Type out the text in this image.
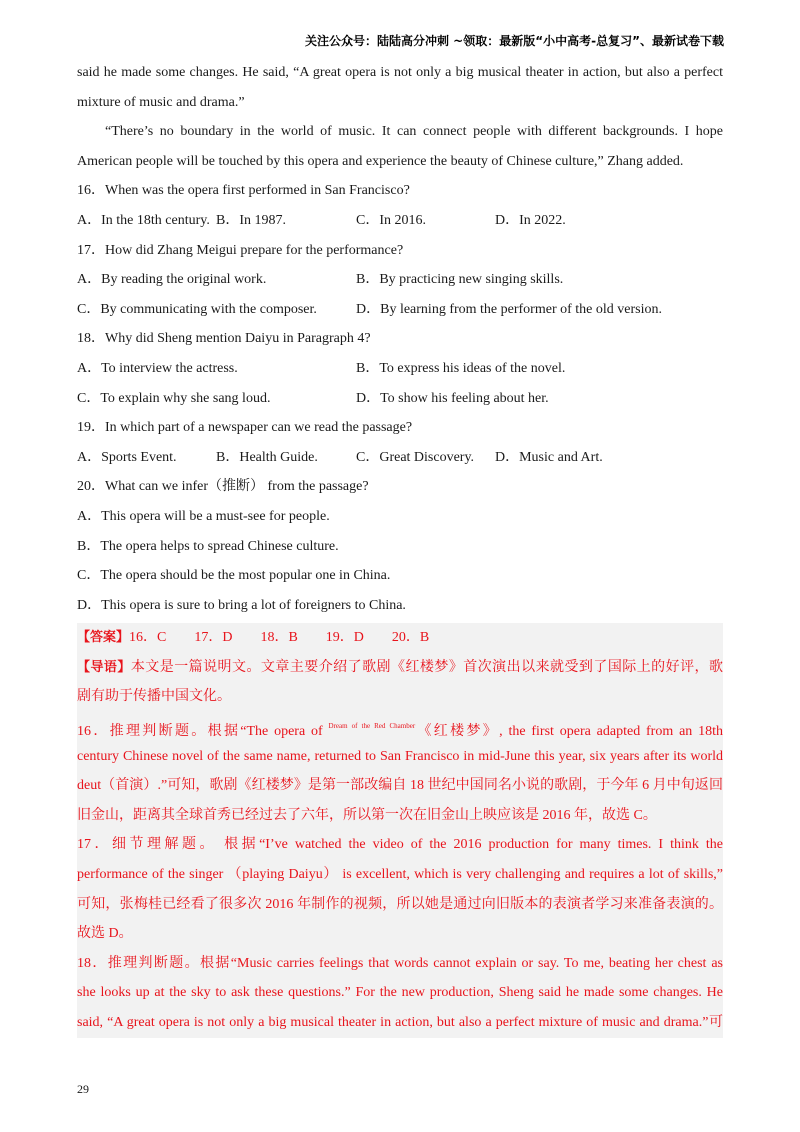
关注公众号：陆陆高分冲刺 ~领取：最新版“小中高考-总复习”、最新试卷下载
said he made some changes. He said, “A great opera is not only a big musical theater in action, but also a perfect
mixture of music and drama.”
“There’s no boundary in the world of music. It can connect people with different backgrounds. I hope
American people will be touched by this opera and experience the beauty of Chinese culture,” Zhang added.
16．When was the opera first performed in San Francisco?
A．In the 18th century. B．In 1987.	C．In 2016.	D．In 2022.
17．How did Zhang Meigui prepare for the performance?
A．By reading the original work.	B．By practicing new singing skills.
C．By communicating with the composer.	D．By learning from the performer of the old version.
18．Why did Sheng mention Daiyu in Paragraph 4?
A．To interview the actress.	B．To express his ideas of the novel.
C．To explain why she sang loud.	D．To show his feeling about her.
19．In which part of a newspaper can we read the passage?
A．Sports Event.	B．Health Guide.	C．Great Discovery.	D．Music and Art.
20．What can we infer（推断） from the passage?
A．This opera will be a must-see for people.
B．The opera helps to spread Chinese culture.
C．The opera should be the most popular one in China.
D．This opera is sure to bring a lot of foreigners to China.
【答案】16．C　　17．D　　18．B　　19．D　　20．B
【导语】本文是一篇说明文。文章主要介绍了歌剧《红楼梦》首次演出以来就受到了国际上的好评，歌
剧有助于传播中国文化。
16．推理判断题。根据“The opera of $^{Dream of the Red Chamber}$《红楼梦》, the first opera adapted from an 18th
century Chinese novel of the same name, returned to San Francisco in mid-June this year, six years after its world
deut（首演）.”可知，歌剧《红楼梦》是第一部改编自 18 世纪中国同名小说的歌剧，于今年 6 月中旬返回
旧金山，距离其全球首秀已经过去了六年，所以第一次在旧金山上映应该是 2016 年，故选 C。
17．细节理解题。 根据“I’ve watched the video of the 2016 production for many times. I think the
performance of the singer （playing Daiyu） is excellent, which is very challenging and requires a lot of skills,”
可知，张梅桂已经看了很多次 2016 年制作的视频，所以她是通过向旧版本的表演者学习来准备表演的。
故选 D。
18．推理判断题。根据“Music carries feelings that words cannot explain or say. To me, beating her chest as
she looks up at the sky to ask these questions.” For the new production, Sheng said he made some changes. He
said, “A great opera is not only a big musical theater in action, but also a perfect mixture of music and drama.”可
29
